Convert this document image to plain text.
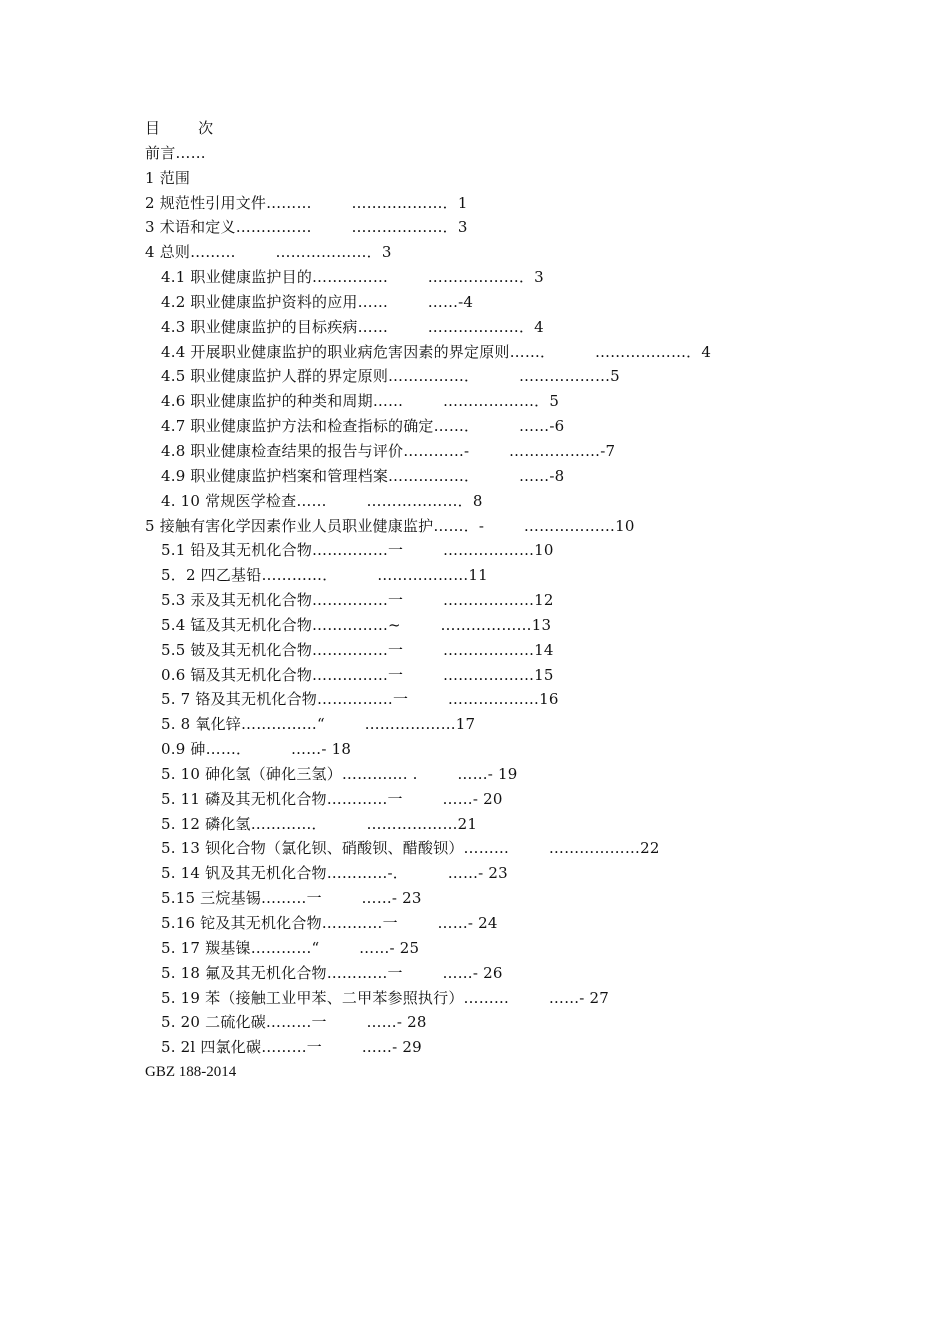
目        次
前言……
1 范围
2 规范性引用文件………        ………………．1
3 术语和定义……………        ………………．3
4 总则………        ………………．3
4.1 职业健康监护目的……………        ………………．3
4.2 职业健康监护资料的应用……        ……-4
4.3 职业健康监护的目标疾病……        ………………．4
4.4 开展职业健康监护的职业病危害因素的界定原则……．        ………………．4
4.5 职业健康监护人群的界定原则……………．        ………………5
4.6 职业健康监护的种类和周期……        ………………．5
4.7 职业健康监护方法和检查指标的确定……．        ……-6
4.8 职业健康检查结果的报告与评价…………-        ………………-7
4.9 职业健康监护档案和管理档案……………．        ……-8
4. 10 常规医学检查……        ………………．8
5 接触有害化学因素作业人员职业健康监护……．-        ………………10
5.1 铅及其无机化合物……………一        ………………10
5．2 四乙基铅…………．        ………………11
5.3 汞及其无机化合物……………一        ………………12
5.4 锰及其无机化合物……………~        ………………13
5.5 铍及其无机化合物……………一        ………………14
0.6 镉及其无机化合物……………一        ………………15
5. 7 铬及其无机化合物……………一        ………………16
5. 8 氧化锌……………“        ………………17
0.9 砷……．        ……- 18
5. 10 砷化氢（砷化三氢）…………. .        ……- 19
5. 11 磷及其无机化合物…………一        ……- 20
5. 12 磷化氢…………．        ………………21
5. 13 钡化合物（氯化钡、硝酸钡、醋酸钡）………        ………………22
5. 14 钒及其无机化合物…………-．        ……- 23
5.15 三烷基锡………一        ……- 23
5.16 铊及其无机化合物…………一        ……- 24
5. 17 羰基镍…………“        ……- 25
5. 18 氟及其无机化合物…………一        ……- 26
5. 19 苯（接触工业甲苯、二甲苯参照执行）………        ……- 27
5. 20 二硫化碳………一        ……- 28
5. 2l 四氯化碳………一        ……- 29
GBZ 188-2014
